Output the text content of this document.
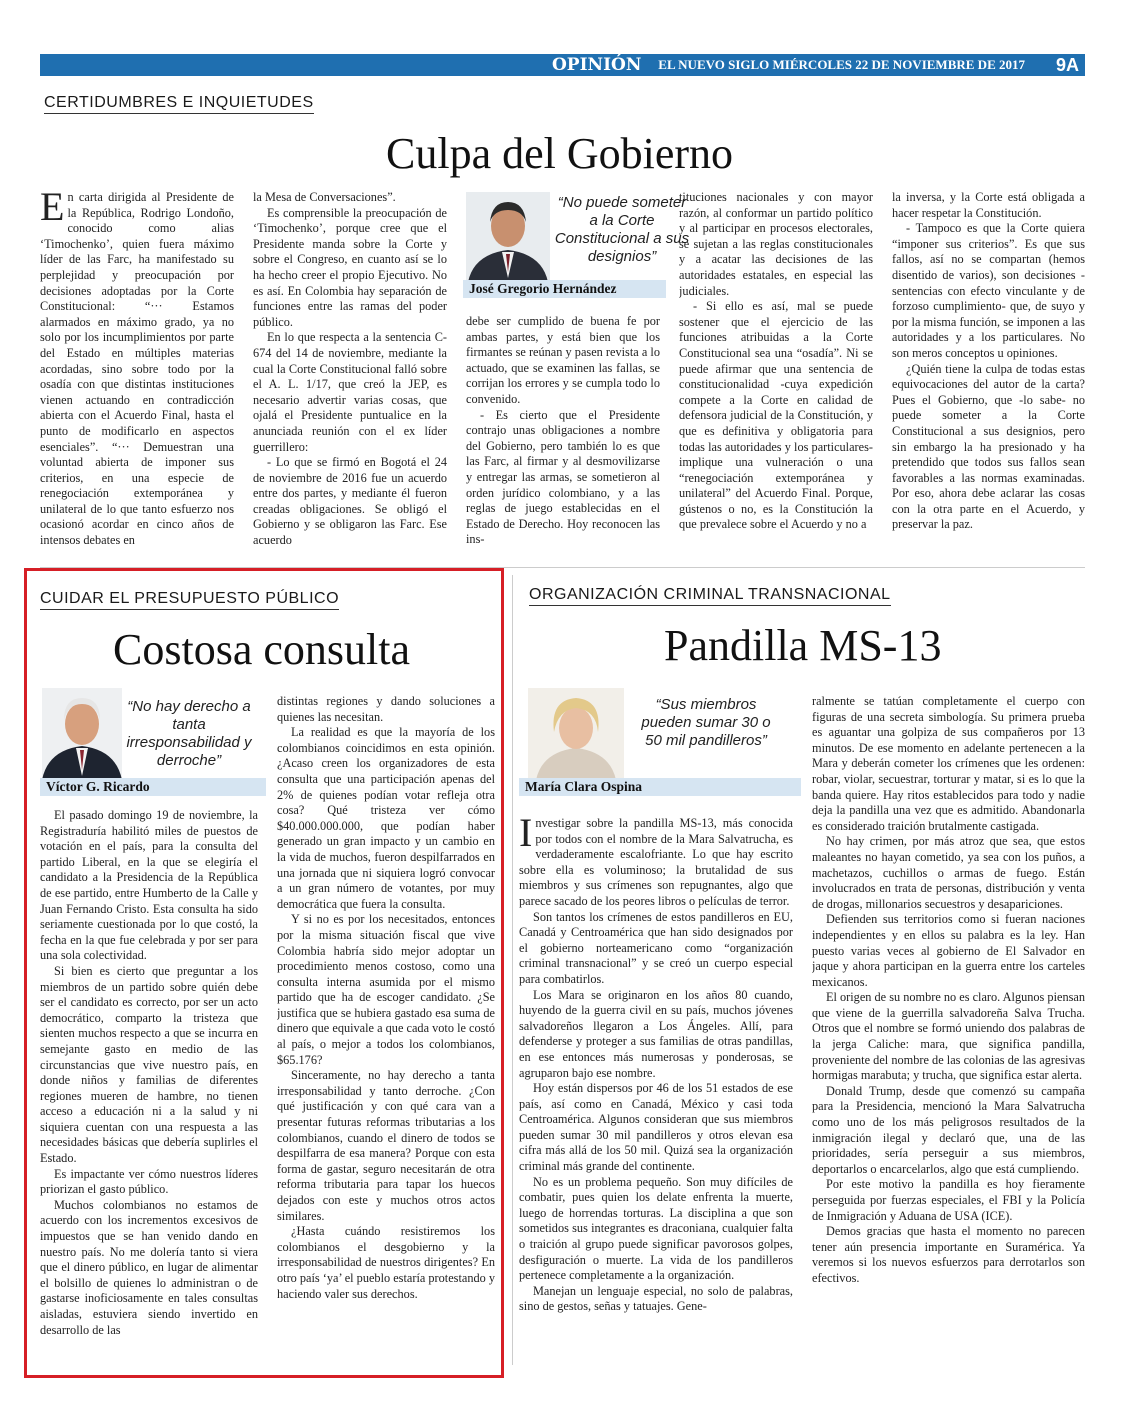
OPINIÓN EL NUEVO SIGLO MIÉRCOLES 22 DE NOVIEMBRE DE 2017 9A
CERTIDUMBRES E INQUIETUDES
Culpa del Gobierno

En carta dirigida al Presidente de la República, Rodrigo Londoño, conocido como alias ‘Timochenko’, quien fuera máximo líder de las Farc, ha manifestado su perplejidad y preocupación por decisiones adoptadas por la Corte Constitucional: “··· Estamos alarmados en máximo grado, ya no solo por los incumplimientos por parte del Estado en múltiples materias acordadas, sino sobre todo por la osadía con que distintas instituciones vienen actuando en contradicción abierta con el Acuerdo Final, hasta el punto de modificarlo en aspectos esenciales”. “··· Demuestran una voluntad abierta de imponer sus criterios, en una especie de renegociación extemporánea y unilateral de lo que tanto esfuerzo nos ocasionó acordar en cinco años de intensos debates en

la Mesa de Conversaciones”.

Es comprensible la preocupación de ‘Timochenko’, porque cree que el Presidente manda sobre la Corte y sobre el Congreso, en cuanto así se lo ha hecho creer el propio Ejecutivo. No es así. En Colombia hay separación de funciones entre las ramas del poder público.

En lo que respecta a la sentencia C-674 del 14 de noviembre, mediante la cual la Corte Constitucional falló sobre el A. L. 1/17, que creó la JEP, es necesario advertir varias cosas, que ojalá el Presidente puntualice en la anunciada reunión con el ex líder guerrillero:

- Lo que se firmó en Bogotá el 24 de noviembre de 2016 fue un acuerdo entre dos partes, y mediante él fueron creadas obligaciones. Se obligó el Gobierno y se obligaron las Farc. Ese acuerdo

“No puede someter a la Corte Constitucional a sus designios”
José Gregorio Hernández

debe ser cumplido de buena fe por ambas partes, y está bien que los firmantes se reúnan y pasen revista a lo actuado, que se examinen las fallas, se corrijan los errores y se cumpla todo lo convenido.

- Es cierto que el Presidente contrajo unas obligaciones a nombre del Gobierno, pero también lo es que las Farc, al firmar y al desmovilizarse y entregar las armas, se sometieron al orden jurídico colombiano, y a las reglas de juego establecidas en el Estado de Derecho. Hoy reconocen las ins-

tituciones nacionales y con mayor razón, al conformar un partido político y al participar en procesos electorales, se sujetan a las reglas constitucionales y a acatar las decisiones de las autoridades estatales, en especial las judiciales.

- Si ello es así, mal se puede sostener que el ejercicio de las funciones atribuidas a la Corte Constitucional sea una “osadía”. Ni se puede afirmar que una sentencia de constitucionalidad -cuya expedición compete a la Corte en calidad de defensora judicial de la Constitución, y que es definitiva y obligatoria para todas las autoridades y los particulares- implique una vulneración o una “renegociación extemporánea y unilateral” del Acuerdo Final. Porque, gústenos o no, es la Constitución la que prevalece sobre el Acuerdo y no a

la inversa, y la Corte está obligada a hacer respetar la Constitución.

- Tampoco es que la Corte quiera “imponer sus criterios”. Es que sus fallos, así no se compartan (hemos disentido de varios), son decisiones -sentencias con efecto vinculante y de forzoso cumplimiento- que, de suyo y por la misma función, se imponen a las autoridades y a los particulares. No son meros conceptos u opiniones.

¿Quién tiene la culpa de todas estas equivocaciones del autor de la carta? Pues el Gobierno, que -lo sabe- no puede someter a la Corte Constitucional a sus designios, pero sin embargo la ha presionado y ha pretendido que todos sus fallos sean favorables a las normas examinadas. Por eso, ahora debe aclarar las cosas con la otra parte en el Acuerdo, y preservar la paz.

CUIDAR EL PRESUPUESTO PÚBLICO
Costosa consulta
“No hay derecho a tanta irresponsabilidad y derroche”
Víctor G. Ricardo

El pasado domingo 19 de noviembre, la Registraduría habilitó miles de puestos de votación en el país, para la consulta del partido Liberal, en la que se elegiría el candidato a la Presidencia de la República de ese partido, entre Humberto de la Calle y Juan Fernando Cristo. Esta consulta ha sido seriamente cuestionada por lo que costó, la fecha en la que fue celebrada y por ser para una sola colectividad.

Si bien es cierto que preguntar a los miembros de un partido sobre quién debe ser el candidato es correcto, por ser un acto democrático, comparto la tristeza que sienten muchos respecto a que se incurra en semejante gasto en medio de las circunstancias que vive nuestro país, en donde niños y familias de diferentes regiones mueren de hambre, no tienen acceso a educación ni a la salud y ni siquiera cuentan con una respuesta a las necesidades básicas que debería suplirles el Estado.

Es impactante ver cómo nuestros líderes priorizan el gasto público.

Muchos colombianos no estamos de acuerdo con los incrementos excesivos de impuestos que se han venido dando en nuestro país. No me dolería tanto si viera que el dinero público, en lugar de alimentar el bolsillo de quienes lo administran o de gastarse inoficiosamente en tales consultas aisladas, estuviera siendo invertido en desarrollo de las

distintas regiones y dando soluciones a quienes las necesitan.

La realidad es que la mayoría de los colombianos coincidimos en esta opinión. ¿Acaso creen los organizadores de esta consulta que una participación apenas del 2% de quienes podían votar refleja otra cosa? Qué tristeza ver cómo $40.000.000.000, que podían haber generado un gran impacto y un cambio en la vida de muchos, fueron despilfarrados en una jornada que ni siquiera logró convocar a un gran número de votantes, por muy democrática que fuera la consulta.

Y si no es por los necesitados, entonces por la misma situación fiscal que vive Colombia habría sido mejor adoptar un procedimiento menos costoso, como una consulta interna asumida por el mismo partido que ha de escoger candidato. ¿Se justifica que se hubiera gastado esa suma de dinero que equivale a que cada voto le costó al país, o mejor a todos los colombianos, $65.176?

Sinceramente, no hay derecho a tanta irresponsabilidad y tanto derroche. ¿Con qué justificación y con qué cara van a presentar futuras reformas tributarias a los colombianos, cuando el dinero de todos se despilfarra de esa manera? Porque con esta forma de gastar, seguro necesitarán de otra reforma tributaria para tapar los huecos dejados con este y muchos otros actos similares.

¿Hasta cuándo resistiremos los colombianos el desgobierno y la irresponsabilidad de nuestros dirigentes? En otro país ‘ya’ el pueblo estaría protestando y haciendo valer sus derechos.

ORGANIZACIÓN CRIMINAL TRANSNACIONAL
Pandilla MS-13
“Sus miembros pueden sumar 30 o 50 mil pandilleros”
María Clara Ospina

Investigar sobre la pandilla MS-13, más conocida por todos con el nombre de la Mara Salvatrucha, es verdaderamente escalofriante. Lo que hay escrito sobre ella es voluminoso; la brutalidad de sus miembros y sus crímenes son repugnantes, algo que parece sacado de los peores libros o películas de terror.

Son tantos los crímenes de estos pandilleros en EU, Canadá y Centroamérica que han sido designados por el gobierno norteamericano como “organización criminal transnacional” y se creó un cuerpo especial para combatirlos.

Los Mara se originaron en los años 80 cuando, huyendo de la guerra civil en su país, muchos jóvenes salvadoreños llegaron a Los Ángeles. Allí, para defenderse y proteger a sus familias de otras pandillas, en ese entonces más numerosas y ponderosas, se agruparon bajo ese nombre.

Hoy están dispersos por 46 de los 51 estados de ese país, así como en Canadá, México y casi toda Centroamérica. Algunos consideran que sus miembros pueden sumar 30 mil pandilleros y otros elevan esa cifra más allá de los 50 mil. Quizá sea la organización criminal más grande del continente.

No es un problema pequeño. Son muy difíciles de combatir, pues quien los delate enfrenta la muerte, luego de horrendas torturas. La disciplina a que son sometidos sus integrantes es draconiana, cualquier falta o traición al grupo puede significar pavorosos golpes, desfiguración o muerte. La vida de los pandilleros pertenece completamente a la organización.

Manejan un lenguaje especial, no solo de palabras, sino de gestos, señas y tatuajes. Gene-

ralmente se tatúan completamente el cuerpo con figuras de una secreta simbología. Su primera prueba es aguantar una golpiza de sus compañeros por 13 minutos. De ese momento en adelante pertenecen a la Mara y deberán cometer los crímenes que les ordenen: robar, violar, secuestrar, torturar y matar, si es lo que la banda quiere. Hay ritos establecidos para todo y nadie deja la pandilla una vez que es admitido. Abandonarla es considerado traición brutalmente castigada.

No hay crimen, por más atroz que sea, que estos maleantes no hayan cometido, ya sea con los puños, a machetazos, cuchillos o armas de fuego. Están involucrados en trata de personas, distribución y venta de drogas, millonarios secuestros y desapariciones.

Defienden sus territorios como si fueran naciones independientes y en ellos su palabra es la ley. Han puesto varias veces al gobierno de El Salvador en jaque y ahora participan en la guerra entre los carteles mexicanos.

El origen de su nombre no es claro. Algunos piensan que viene de la guerrilla salvadoreña Salva Trucha. Otros que el nombre se formó uniendo dos palabras de la jerga Caliche: mara, que significa pandilla, proveniente del nombre de las colonias de las agresivas hormigas marabuta; y trucha, que significa estar alerta.

Donald Trump, desde que comenzó su campaña para la Presidencia, mencionó la Mara Salvatrucha como uno de los más peligrosos resultados de la inmigración ilegal y declaró que, una de las prioridades, sería perseguir a sus miembros, deportarlos o encarcelarlos, algo que está cumpliendo.

Por este motivo la pandilla es hoy fieramente perseguida por fuerzas especiales, el FBI y la Policía de Inmigración y Aduana de USA (ICE).

Demos gracias que hasta el momento no parecen tener aún presencia importante en Suramérica. Ya veremos si los nuevos esfuerzos para derrotarlos son efectivos.
